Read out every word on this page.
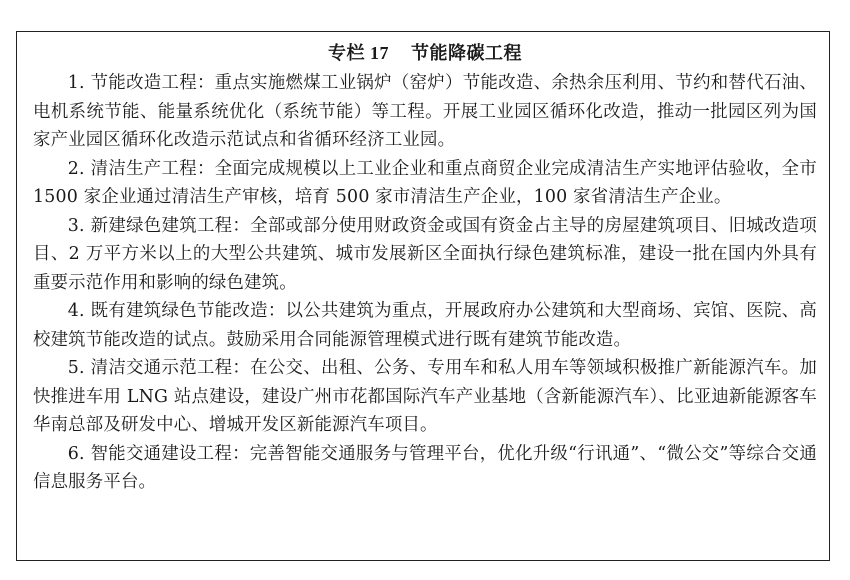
专栏 17 节能降碳工程

1. 节能改造工程：重点实施燃煤工业锅炉（窑炉）节能改造、余热余压利用、节约和替代石油、电机系统节能、能量系统优化（系统节能）等工程。开展工业园区循环化改造，推动一批园区列为国家产业园区循环化改造示范试点和省循环经济工业园。

2. 清洁生产工程：全面完成规模以上工业企业和重点商贸企业完成清洁生产实地评估验收，全市 1500 家企业通过清洁生产审核，培育 500 家市清洁生产企业，100 家省清洁生产企业。

3. 新建绿色建筑工程：全部或部分使用财政资金或国有资金占主导的房屋建筑项目、旧城改造项目、2 万平方米以上的大型公共建筑、城市发展新区全面执行绿色建筑标准，建设一批在国内外具有重要示范作用和影响的绿色建筑。

4. 既有建筑绿色节能改造：以公共建筑为重点，开展政府办公建筑和大型商场、宾馆、医院、高校建筑节能改造的试点。鼓励采用合同能源管理模式进行既有建筑节能改造。

5. 清洁交通示范工程：在公交、出租、公务、专用车和私人用车等领域积极推广新能源汽车。加快推进车用 LNG 站点建设，建设广州市花都国际汽车产业基地（含新能源汽车）、比亚迪新能源客车华南总部及研发中心、增城开发区新能源汽车项目。

6. 智能交通建设工程：完善智能交通服务与管理平台，优化升级“行讯通”、“微公交”等综合交通信息服务平台。
